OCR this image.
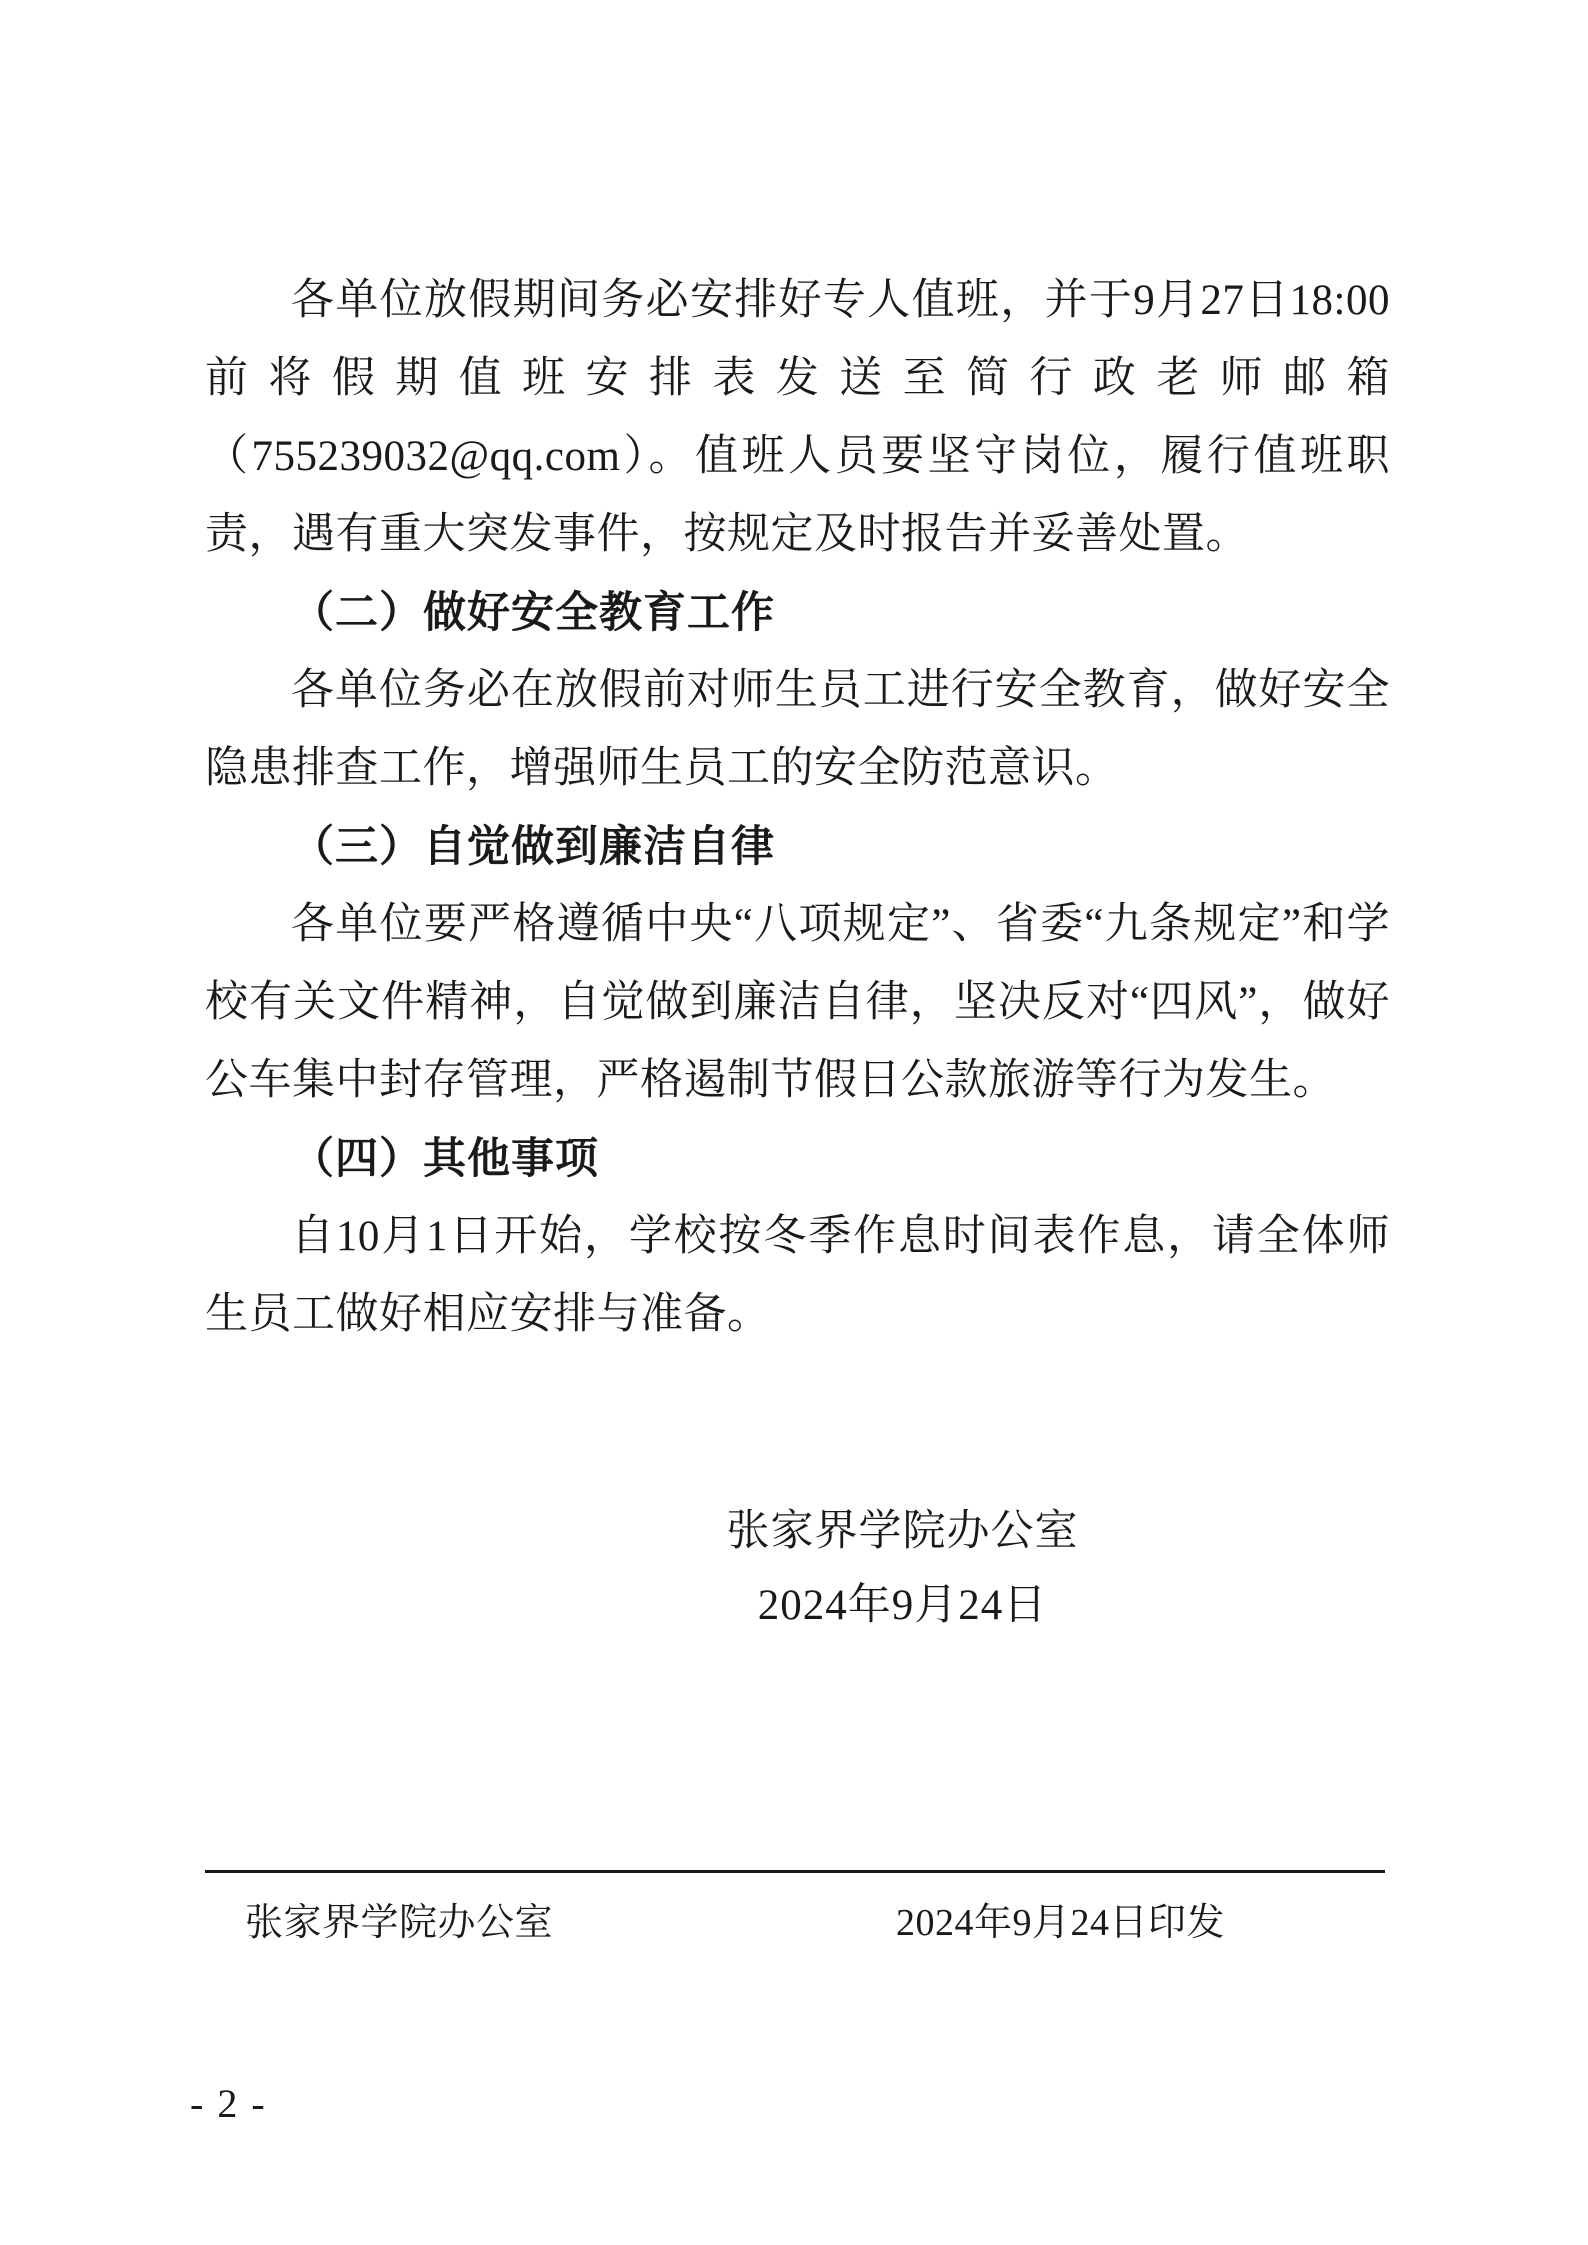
各单位放假期间务必安排好专人值班，并于9月27日18:00前将假期值班安排表发送至简行政老师邮箱（755239032@qq.com）。值班人员要坚守岗位，履行值班职责，遇有重大突发事件，按规定及时报告并妥善处置。

（二）做好安全教育工作

各单位务必在放假前对师生员工进行安全教育，做好安全隐患排查工作，增强师生员工的安全防范意识。

（三）自觉做到廉洁自律

各单位要严格遵循中央“八项规定”、省委“九条规定”和学校有关文件精神，自觉做到廉洁自律，坚决反对“四风”，做好公车集中封存管理，严格遏制节假日公款旅游等行为发生。

（四）其他事项

自10月1日开始，学校按冬季作息时间表作息，请全体师生员工做好相应安排与准备。

张家界学院办公室
2024年9月24日
张家界学院办公室	2024年9月24日印发
- 2 -
